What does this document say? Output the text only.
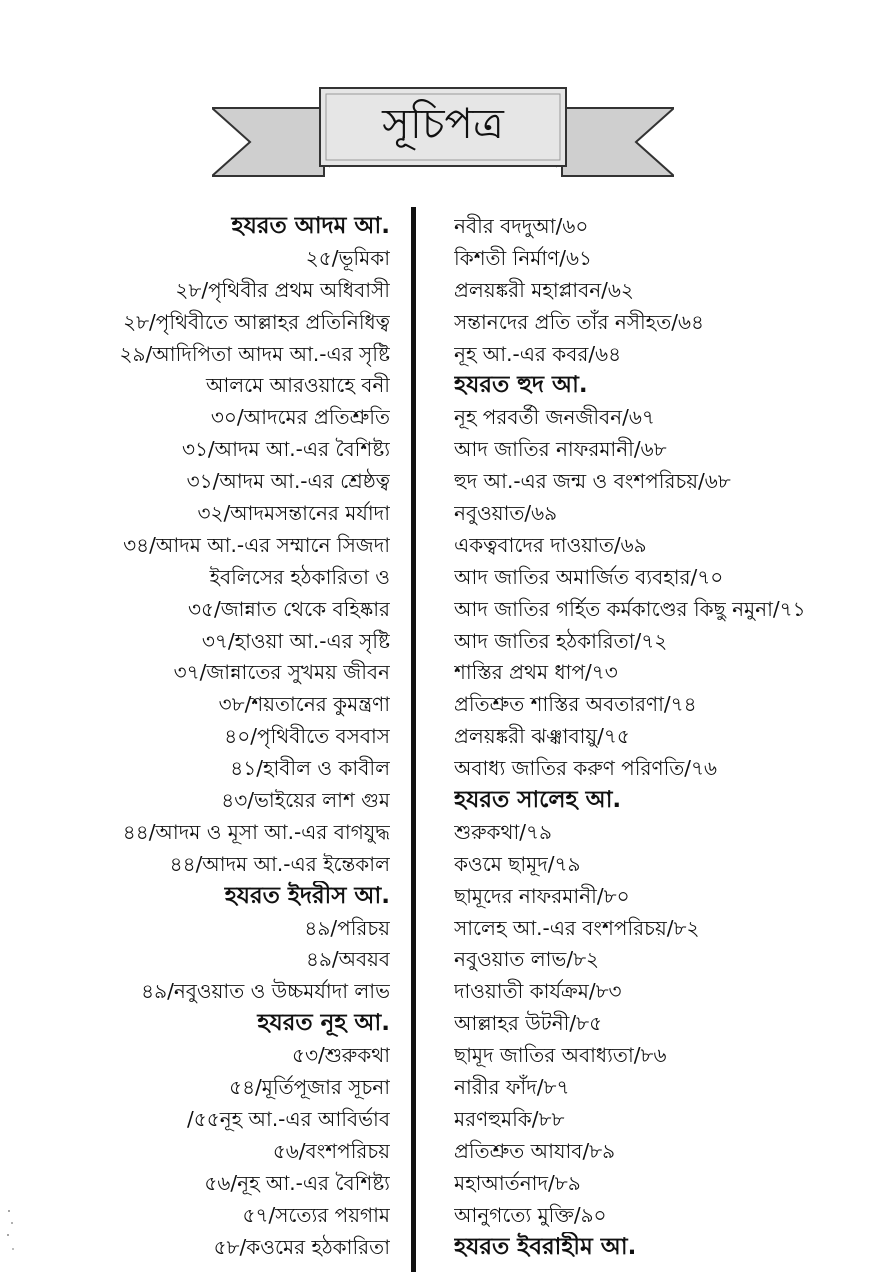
সূচিপত্র
হযরত আদম আ.
২৫/ভূমিকা
২৮/পৃথিবীর প্রথম অধিবাসী
২৮/পৃথিবীতে আল্লাহর প্রতিনিধিত্ব
২৯/আদিপিতা আদম আ.-এর সৃষ্টি
আলমে আরওয়াহে বনী
৩০/আদমের প্রতিশ্রুতি
৩১/আদম আ.-এর বৈশিষ্ট্য
৩১/আদম আ.-এর শ্রেষ্ঠত্ব
৩২/আদমসন্তানের মর্যাদা
৩৪/আদম আ.-এর সম্মানে সিজদা
ইবলিসের হঠকারিতা ও
৩৫/জান্নাত থেকে বহিষ্কার
৩৭/হাওয়া আ.-এর সৃষ্টি
৩৭/জান্নাতের সুখময় জীবন
৩৮/শয়তানের কুমন্ত্রণা
৪০/পৃথিবীতে বসবাস
৪১/হাবীল ও কাবীল
৪৩/ভাইয়ের লাশ গুম
৪৪/আদম ও মূসা আ.-এর বাগযুদ্ধ
৪৪/আদম আ.-এর ইন্তেকাল
হযরত ইদরীস আ.
৪৯/পরিচয়
৪৯/অবয়ব
৪৯/নবুওয়াত ও উচ্চমর্যাদা লাভ
হযরত নূহ আ.
৫৩/শুরুকথা
৫৪/মূর্তিপূজার সূচনা
/৫৫নূহ আ.-এর আবির্ভাব
৫৬/বংশপরিচয়
৫৬/নূহ আ.-এর বৈশিষ্ট্য
৫৭/সত্যের পয়গাম
৫৮/কওমের হঠকারিতা
নবীর বদদুআ/৬০
কিশতী নির্মাণ/৬১
প্রলয়ঙ্করী মহাপ্লাবন/৬২
সন্তানদের প্রতি তাঁর নসীহত/৬৪
নূহ আ.-এর কবর/৬৪
হযরত হুদ আ.
নূহ পরবর্তী জনজীবন/৬৭
আদ জাতির নাফরমানী/৬৮
হুদ আ.-এর জন্ম ও বংশপরিচয়/৬৮
নবুওয়াত/৬৯
একত্ববাদের দাওয়াত/৬৯
আদ জাতির অমার্জিত ব্যবহার/৭০
আদ জাতির গর্হিত কর্মকাণ্ডের কিছু নমুনা/৭১
আদ জাতির হঠকারিতা/৭২
শাস্তির প্রথম ধাপ/৭৩
প্রতিশ্রুত শাস্তির অবতারণা/৭৪
প্রলয়ঙ্করী ঝঞ্ঝাবায়ু/৭৫
অবাধ্য জাতির করুণ পরিণতি/৭৬
হযরত সালেহ আ.
শুরুকথা/৭৯
কওমে ছামূদ/৭৯
ছামূদের নাফরমানী/৮০
সালেহ আ.-এর বংশপরিচয়/৮২
নবুওয়াত লাভ/৮২
দাওয়াতী কার্যক্রম/৮৩
আল্লাহর উটনী/৮৫
ছামূদ জাতির অবাধ্যতা/৮৬
নারীর ফাঁদ/৮৭
মরণহুমকি/৮৮
প্রতিশ্রুত আযাব/৮৯
মহাআর্তনাদ/৮৯
আনুগত্যে মুক্তি/৯০
হযরত ইবরাহীম আ.
